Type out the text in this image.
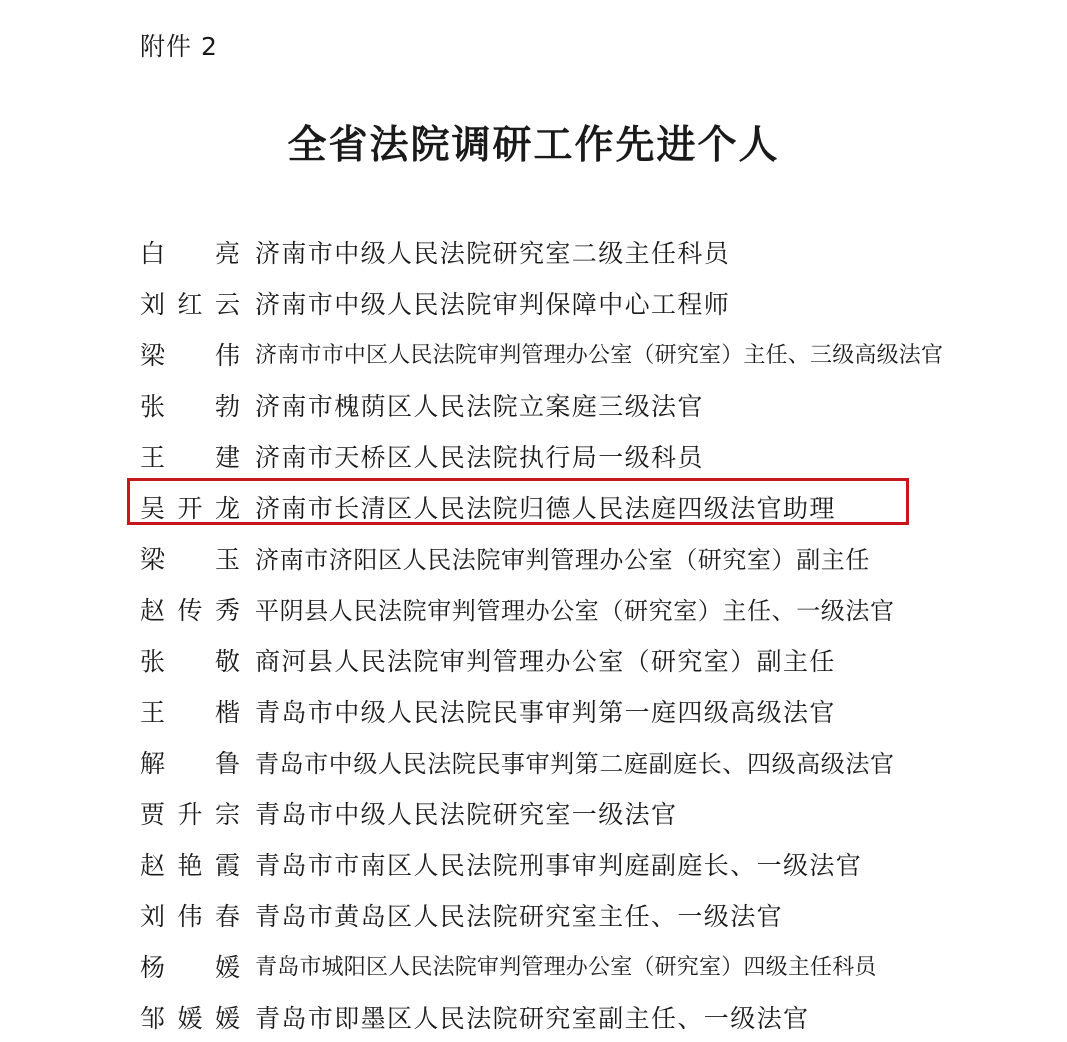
附件 2
全省法院调研工作先进个人
白 亮 济南市中级人民法院研究室二级主任科员
刘 红 云 济南市中级人民法院审判保障中心工程师
梁 伟 济南市市中区人民法院审判管理办公室（研究室）主任、三级高级法官
张 勃 济南市槐荫区人民法院立案庭三级法官
王 建 济南市天桥区人民法院执行局一级科员
吴 开 龙 济南市长清区人民法院归德人民法庭四级法官助理
梁 玉 济南市济阳区人民法院审判管理办公室（研究室）副主任
赵 传 秀 平阴县人民法院审判管理办公室（研究室）主任、一级法官
张 敬 商河县人民法院审判管理办公室（研究室）副主任
王 楷 青岛市中级人民法院民事审判第一庭四级高级法官
解 鲁 青岛市中级人民法院民事审判第二庭副庭长、四级高级法官
贾 升 宗 青岛市中级人民法院研究室一级法官
赵 艳 霞 青岛市市南区人民法院刑事审判庭副庭长、一级法官
刘 伟 春 青岛市黄岛区人民法院研究室主任、一级法官
杨 媛 青岛市城阳区人民法院审判管理办公室（研究室）四级主任科员
邹 媛 媛 青岛市即墨区人民法院研究室副主任、一级法官
